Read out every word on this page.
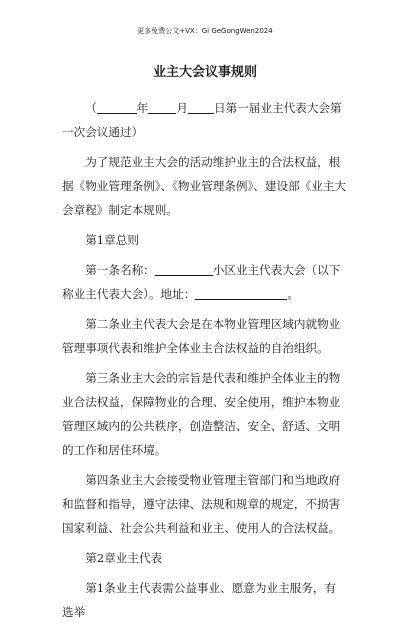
更多免费公文+VX：Gi GeGongWen2024
业主大会议事规则

（	年 月 日第一届业主代表大会第一次会议通过）

为了规范业主大会的活动维护业主的合法权益，根据《物业管理条例》、《物业管理条例》、建设部《业主大会章程》制定本规则。

第1章总则

第一条名称：	小区业主代表大会（以下称业主代表大会）。地址：	。

第二条业主代表大会是在本物业管理区域内就物业管理事项代表和维护全体业主合法权益的自治组织。

第三条业主大会的宗旨是代表和维护全体业主的物业合法权益，保障物业的合理、安全使用，维护本物业管理区域内的公共秩序，创造整洁、安全、舒适、文明的工作和居住环境。

第四条业主大会接受物业管理主管部门和当地政府和监督和指导，遵守法律、法规和规章的规定，不损害国家利益、社会公共利益和业主、使用人的合法权益。

第2章业主代表

第1条业主代表需公益事业、愿意为业主服务，有选举
